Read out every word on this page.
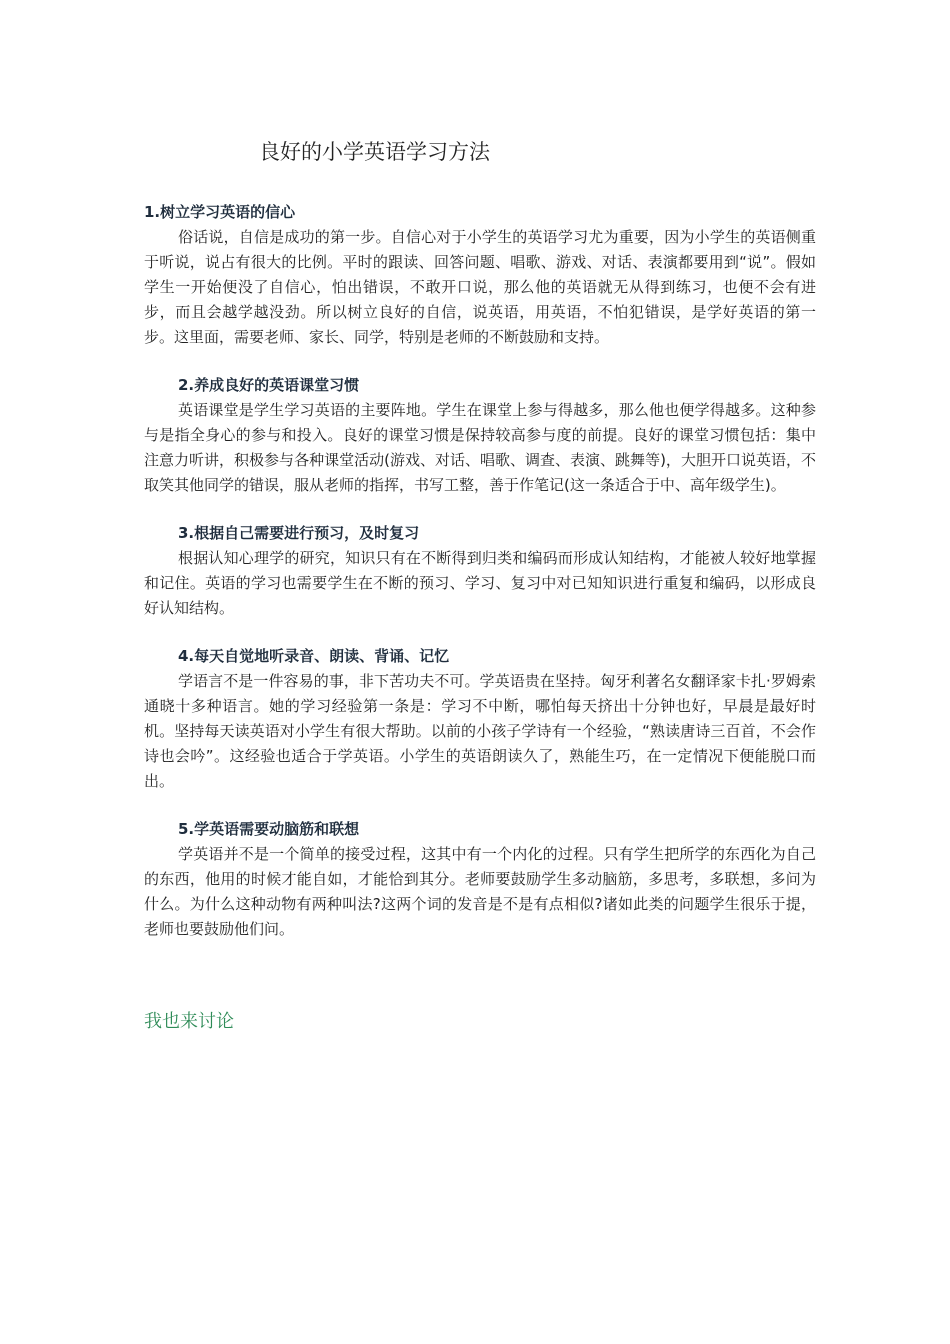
良好的小学英语学习方法
1.树立学习英语的信心

俗话说，自信是成功的第一步。自信心对于小学生的英语学习尤为重要，因为小学生的英语侧重于听说，说占有很大的比例。平时的跟读、回答问题、唱歌、游戏、对话、表演都要用到“说”。假如学生一开始便没了自信心，怕出错误，不敢开口说，那么他的英语就无从得到练习，也便不会有进步，而且会越学越没劲。所以树立良好的自信，说英语，用英语，不怕犯错误，是学好英语的第一步。这里面，需要老师、家长、同学，特别是老师的不断鼓励和支持。

2.养成良好的英语课堂习惯

英语课堂是学生学习英语的主要阵地。学生在课堂上参与得越多，那么他也便学得越多。这种参与是指全身心的参与和投入。良好的课堂习惯是保持较高参与度的前提。良好的课堂习惯包括：集中注意力听讲，积极参与各种课堂活动(游戏、对话、唱歌、调查、表演、跳舞等)，大胆开口说英语，不取笑其他同学的错误，服从老师的指挥，书写工整，善于作笔记(这一条适合于中、高年级学生)。

3.根据自己需要进行预习，及时复习

根据认知心理学的研究，知识只有在不断得到归类和编码而形成认知结构，才能被人较好地掌握和记住。英语的学习也需要学生在不断的预习、学习、复习中对已知知识进行重复和编码，以形成良好认知结构。

4.每天自觉地听录音、朗读、背诵、记忆

学语言不是一件容易的事，非下苦功夫不可。学英语贵在坚持。匈牙利著名女翻译家卡扎·罗姆索通晓十多种语言。她的学习经验第一条是：学习不中断，哪怕每天挤出十分钟也好，早晨是最好时机。坚持每天读英语对小学生有很大帮助。以前的小孩子学诗有一个经验，“熟读唐诗三百首，不会作诗也会吟”。这经验也适合于学英语。小学生的英语朗读久了，熟能生巧，在一定情况下便能脱口而出。

5.学英语需要动脑筋和联想

学英语并不是一个简单的接受过程，这其中有一个内化的过程。只有学生把所学的东西化为自己的东西，他用的时候才能自如，才能恰到其分。老师要鼓励学生多动脑筋，多思考，多联想，多问为什么。为什么这种动物有两种叫法?这两个词的发音是不是有点相似?诸如此类的问题学生很乐于提，老师也要鼓励他们问。

我也来讨论
